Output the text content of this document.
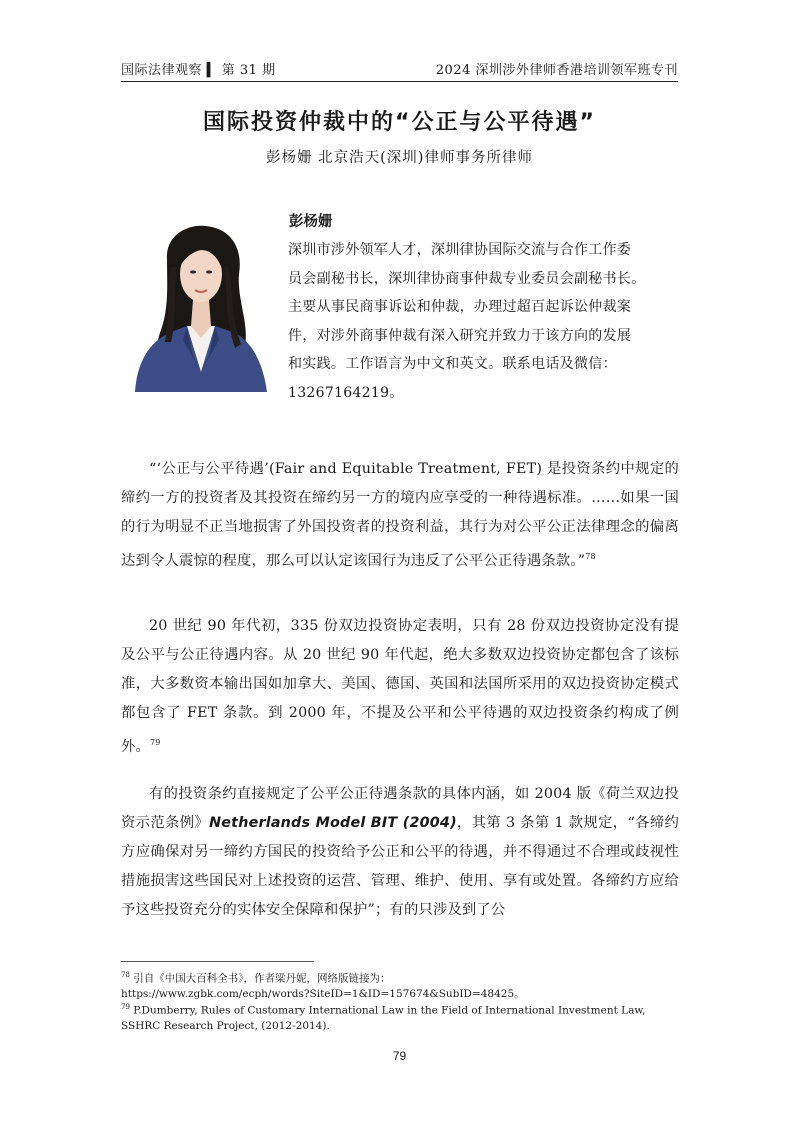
国际法律观察 ▍ 第 31 期	2024 深圳涉外律师香港培训领军班专刊
国际投资仲裁中的“公正与公平待遇”
彭杨姗 北京浩天(深圳)律师事务所律师
彭杨姗
深圳市涉外领军人才，深圳律协国际交流与合作工作委
员会副秘书长，深圳律协商事仲裁专业委员会副秘书长。
主要从事民商事诉讼和仲裁，办理过超百起诉讼仲裁案
件，对涉外商事仲裁有深入研究并致力于该方向的发展
和实践。工作语言为中文和英文。联系电话及微信：
13267164219。
“‘公正与公平待遇’(Fair and Equitable Treatment, FET) 是投资条约中规定的缔约一方的投资者及其投资在缔约另一方的境内应享受的一种待遇标准。……如果一国的行为明显不正当地损害了外国投资者的投资利益，其行为对公平公正法律理念的偏离达到令人震惊的程度，那么可以认定该国行为违反了公平公正待遇条款。”$^{78}$
20 世纪 90 年代初，335 份双边投资协定表明，只有 28 份双边投资协定没有提及公平与公正待遇内容。从 20 世纪 90 年代起，绝大多数双边投资协定都包含了该标准，大多数资本输出国如加拿大、美国、德国、英国和法国所采用的双边投资协定模式都包含了 FET 条款。到 2000 年，不提及公平和公平待遇的双边投资条约构成了例外。$^{79}$
有的投资条约直接规定了公平公正待遇条款的具体内涵，如 2004 版《荷兰双边投资示范条例》Netherlands Model BIT (2004)，其第 3 条第 1 款规定，“各缔约方应确保对另一缔约方国民的投资给予公正和公平的待遇，并不得通过不合理或歧视性措施损害这些国民对上述投资的运营、管理、维护、使用、享有或处置。各缔约方应给予这些投资充分的实体安全保障和保护”；有的只涉及到了公
$^{78}$ 引自《中国大百科全书》，作者梁丹妮，网络版链接为：
https://www.zgbk.com/ecph/words?SiteID=1&ID=157674&SubID=48425。
$^{79}$ P.Dumberry, Rules of Customary International Law in the Field of International Investment Law,
SSHRC Research Project, (2012-2014).
79
